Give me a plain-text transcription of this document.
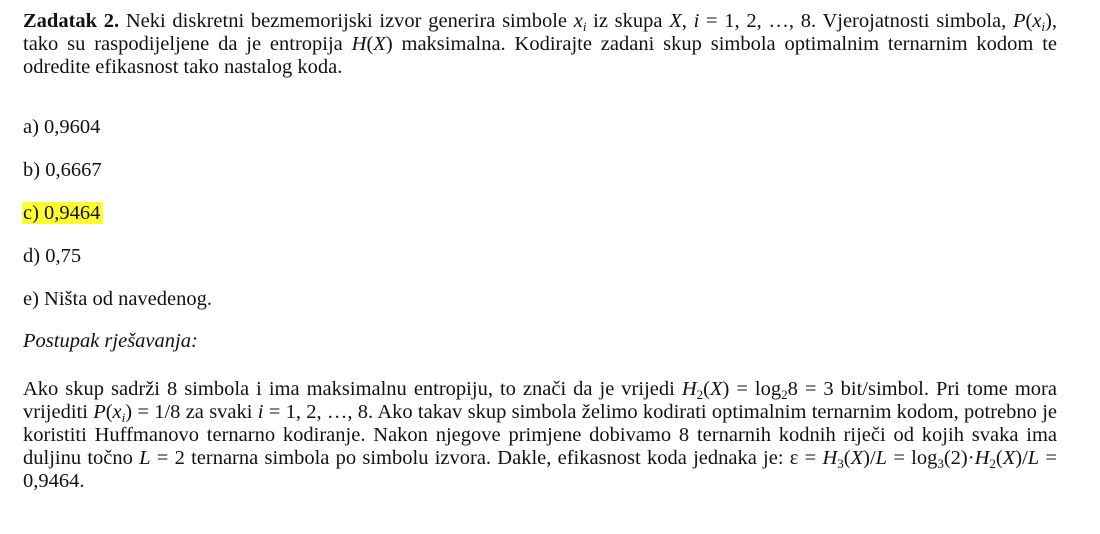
Zadatak 2. Neki diskretni bezmemorijski izvor generira simbole $x_i$ iz skupa X, i = 1, 2, …, 8. Vjerojatnosti simbola, $P(x_i)$, tako su raspodijeljene da je entropija H(X) maksimalna. Kodirajte zadani skup simbola optimalnim ternarnim kodom te odredite efikasnost tako nastalog koda.
a) 0,9604
b) 0,6667
c) 0,9464
d) 0,75
e) Ništa od navedenog.
Postupak rješavanja:
Ako skup sadrži 8 simbola i ima maksimalnu entropiju, to znači da je vrijedi $H_2(X) = \log_28 = 3$ bit/simbol. Pri tome mora vrijediti $P(x_i) = 1/8$ za svaki i = 1, 2, …, 8. Ako takav skup simbola želimo kodirati optimalnim ternarnim kodom, potrebno je koristiti Huffmanovo ternarno kodiranje. Nakon njegove primjene dobivamo 8 ternarnih kodnih riječi od kojih svaka ima duljinu točno L = 2 ternarna simbola po simbolu izvora. Dakle, efikasnost koda jednaka je: $\varepsilon = H_3(X)/L = \log_3(2)\cdot H_2(X)/L = 0,9464$.
